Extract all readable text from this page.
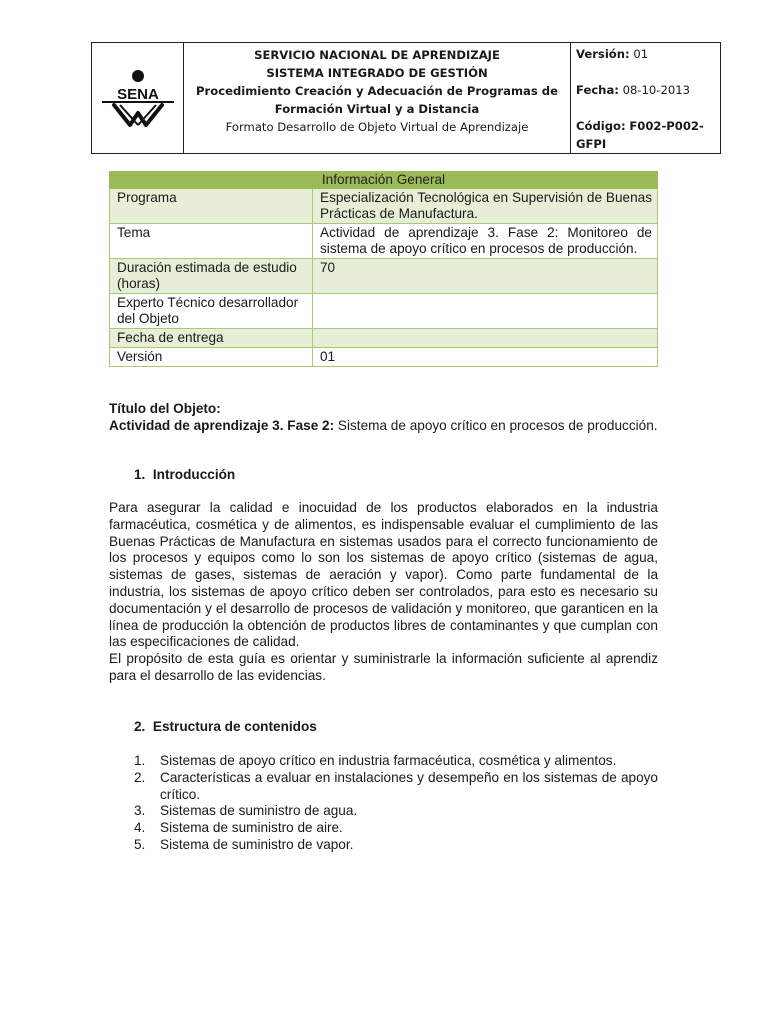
SENA
SERVICIO NACIONAL DE APRENDIZAJE
SISTEMA INTEGRADO DE GESTIÓN
Procedimiento Creación y Adecuación de Programas de
Formación Virtual y a Distancia
Formato Desarrollo de Objeto Virtual de Aprendizaje
Versión: 01
Fecha: 08-10-2013
Código: F002-P002-
GFPI
Información General	
Programa	Especialización Tecnológica en Supervisión de Buenas Prácticas de Manufactura.
Tema	Actividad de aprendizaje 3. Fase 2: Monitoreo de sistema de apoyo crítico en procesos de producción.
Duración estimada de estudio (horas)	70
Experto Técnico desarrollador del Objeto	
Fecha de entrega	
Versión	01
Título del Objeto:
Actividad de aprendizaje 3. Fase 2: Sistema de apoyo crítico en procesos de producción.
1. Introducción
Para asegurar la calidad e inocuidad de los productos elaborados en la industria farmacéutica, cosmética y de alimentos, es indispensable evaluar el cumplimiento de las Buenas Prácticas de Manufactura en sistemas usados para el correcto funcionamiento de los procesos y equipos como lo son los sistemas de apoyo crítico (sistemas de agua, sistemas de gases, sistemas de aeración y vapor). Como parte fundamental de la industria, los sistemas de apoyo crítico deben ser controlados, para esto es necesario su documentación y el desarrollo de procesos de validación y monitoreo, que garanticen en la línea de producción la obtención de productos libres de contaminantes y que cumplan con las especificaciones de calidad.
El propósito de esta guía es orientar y suministrarle la información suficiente al aprendiz para el desarrollo de las evidencias.
2. Estructura de contenidos
1.	Sistemas de apoyo crítico en industria farmacéutica, cosmética y alimentos.
2.	Características a evaluar en instalaciones y desempeño en los sistemas de apoyo crítico.
3.	Sistemas de suministro de agua.
4.	Sistema de suministro de aire.
5.	Sistema de suministro de vapor.
